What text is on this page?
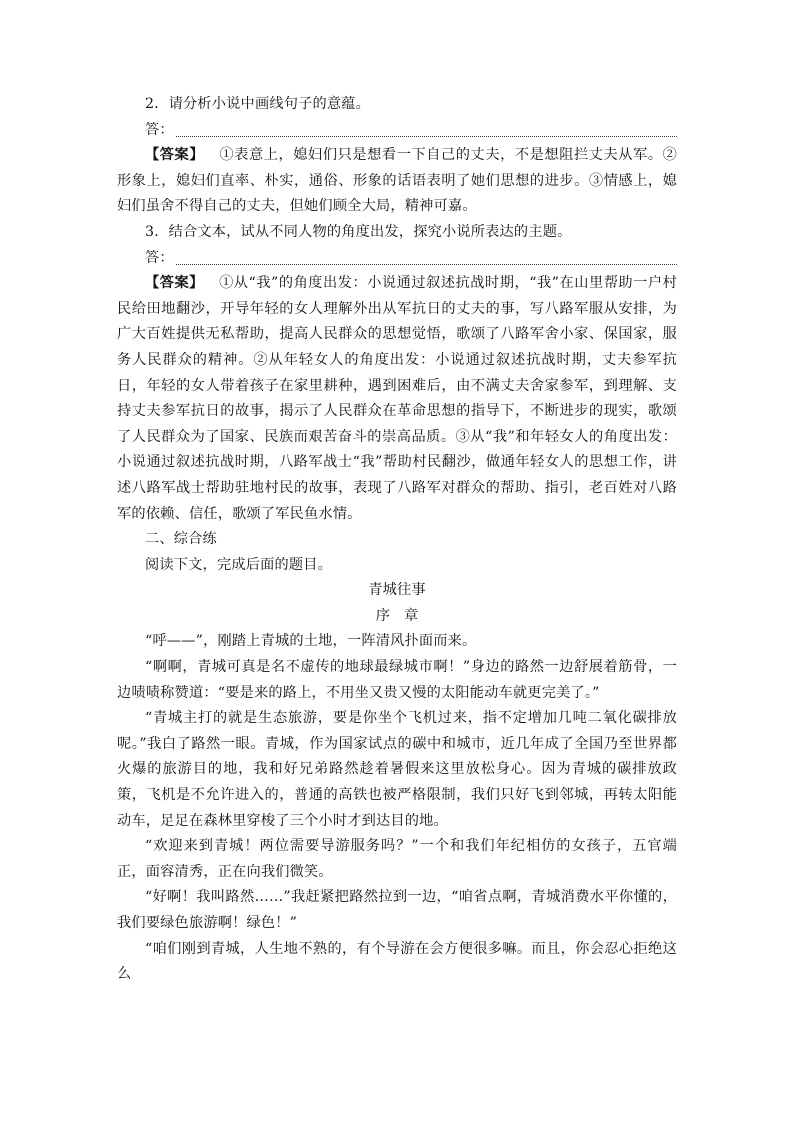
2．请分析小说中画线句子的意蕴。

答：

【答案】 ①表意上，媳妇们只是想看一下自己的丈夫，不是想阻拦丈夫从军。②形象上，媳妇们直率、朴实，通俗、形象的话语表明了她们思想的进步。③情感上，媳妇们虽舍不得自己的丈夫，但她们顾全大局，精神可嘉。

3．结合文本，试从不同人物的角度出发，探究小说所表达的主题。

答：

【答案】 ①从“我”的角度出发：小说通过叙述抗战时期，“我”在山里帮助一户村民给田地翻沙，开导年轻的女人理解外出从军抗日的丈夫的事，写八路军服从安排，为广大百姓提供无私帮助，提高人民群众的思想觉悟，歌颂了八路军舍小家、保国家，服务人民群众的精神。②从年轻女人的角度出发：小说通过叙述抗战时期，丈夫参军抗日，年轻的女人带着孩子在家里耕种，遇到困难后，由不满丈夫舍家参军，到理解、支持丈夫参军抗日的故事，揭示了人民群众在革命思想的指导下，不断进步的现实，歌颂了人民群众为了国家、民族而艰苦奋斗的崇高品质。③从“我”和年轻女人的角度出发：小说通过叙述抗战时期，八路军战士“我”帮助村民翻沙，做通年轻女人的思想工作，讲述八路军战士帮助驻地村民的故事，表现了八路军对群众的帮助、指引，老百姓对八路军的依赖、信任，歌颂了军民鱼水情。

二、综合练

阅读下文，完成后面的题目。

青城往事

序章

“呼——”，刚踏上青城的土地，一阵清风扑面而来。

“啊啊，青城可真是名不虚传的地球最绿城市啊！”身边的路然一边舒展着筋骨，一边啧啧称赞道：“要是来的路上，不用坐又贵又慢的太阳能动车就更完美了。”

“青城主打的就是生态旅游，要是你坐个飞机过来，指不定增加几吨二氧化碳排放呢。”我白了路然一眼。青城，作为国家试点的碳中和城市，近几年成了全国乃至世界都火爆的旅游目的地，我和好兄弟路然趁着暑假来这里放松身心。因为青城的碳排放政策，飞机是不允许进入的，普通的高铁也被严格限制，我们只好飞到邻城，再转太阳能动车，足足在森林里穿梭了三个小时才到达目的地。

“欢迎来到青城！两位需要导游服务吗？”一个和我们年纪相仿的女孩子，五官端正，面容清秀，正在向我们微笑。

“好啊！我叫路然……”我赶紧把路然拉到一边，“咱省点啊，青城消费水平你懂的，我们要绿色旅游啊！绿色！”

“咱们刚到青城，人生地不熟的，有个导游在会方便很多嘛。而且，你会忍心拒绝这么
